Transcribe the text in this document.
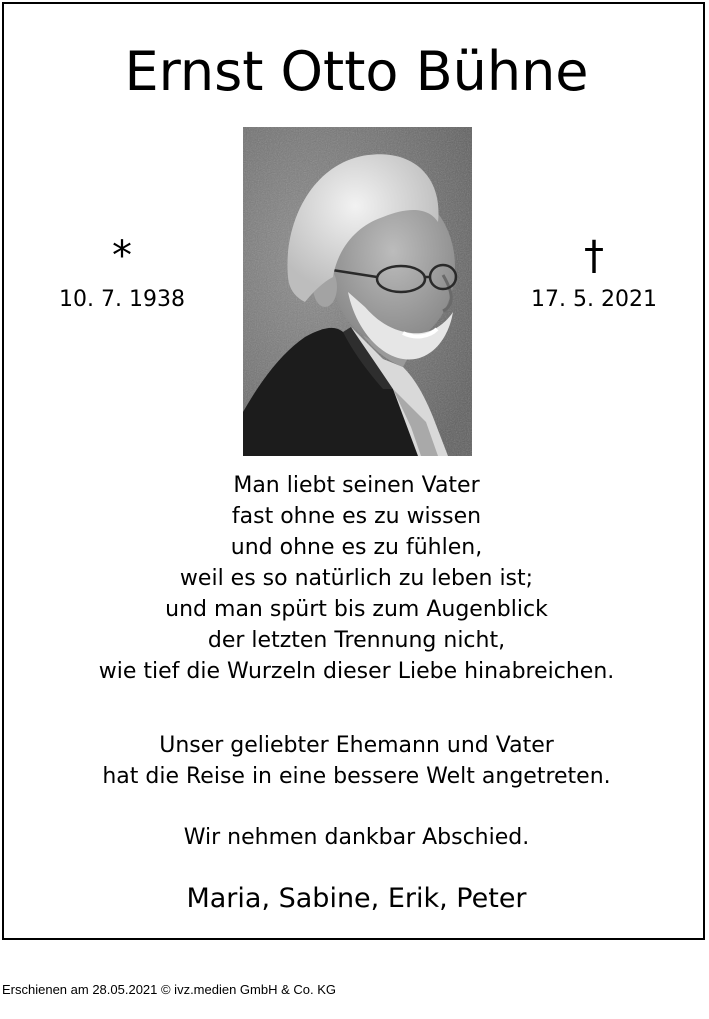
Ernst Otto Bühne
*
10. 7. 1938
†
17. 5. 2021
Man liebt seinen Vater
fast ohne es zu wissen
und ohne es zu fühlen,
weil es so natürlich zu leben ist;
und man spürt bis zum Augenblick
der letzten Trennung nicht,
wie tief die Wurzeln dieser Liebe hinabreichen.
Unser geliebter Ehemann und Vater
hat die Reise in eine bessere Welt angetreten.
Wir nehmen dankbar Abschied.
Maria, Sabine, Erik, Peter
Erschienen am 28.05.2021 © ivz.medien GmbH & Co. KG
